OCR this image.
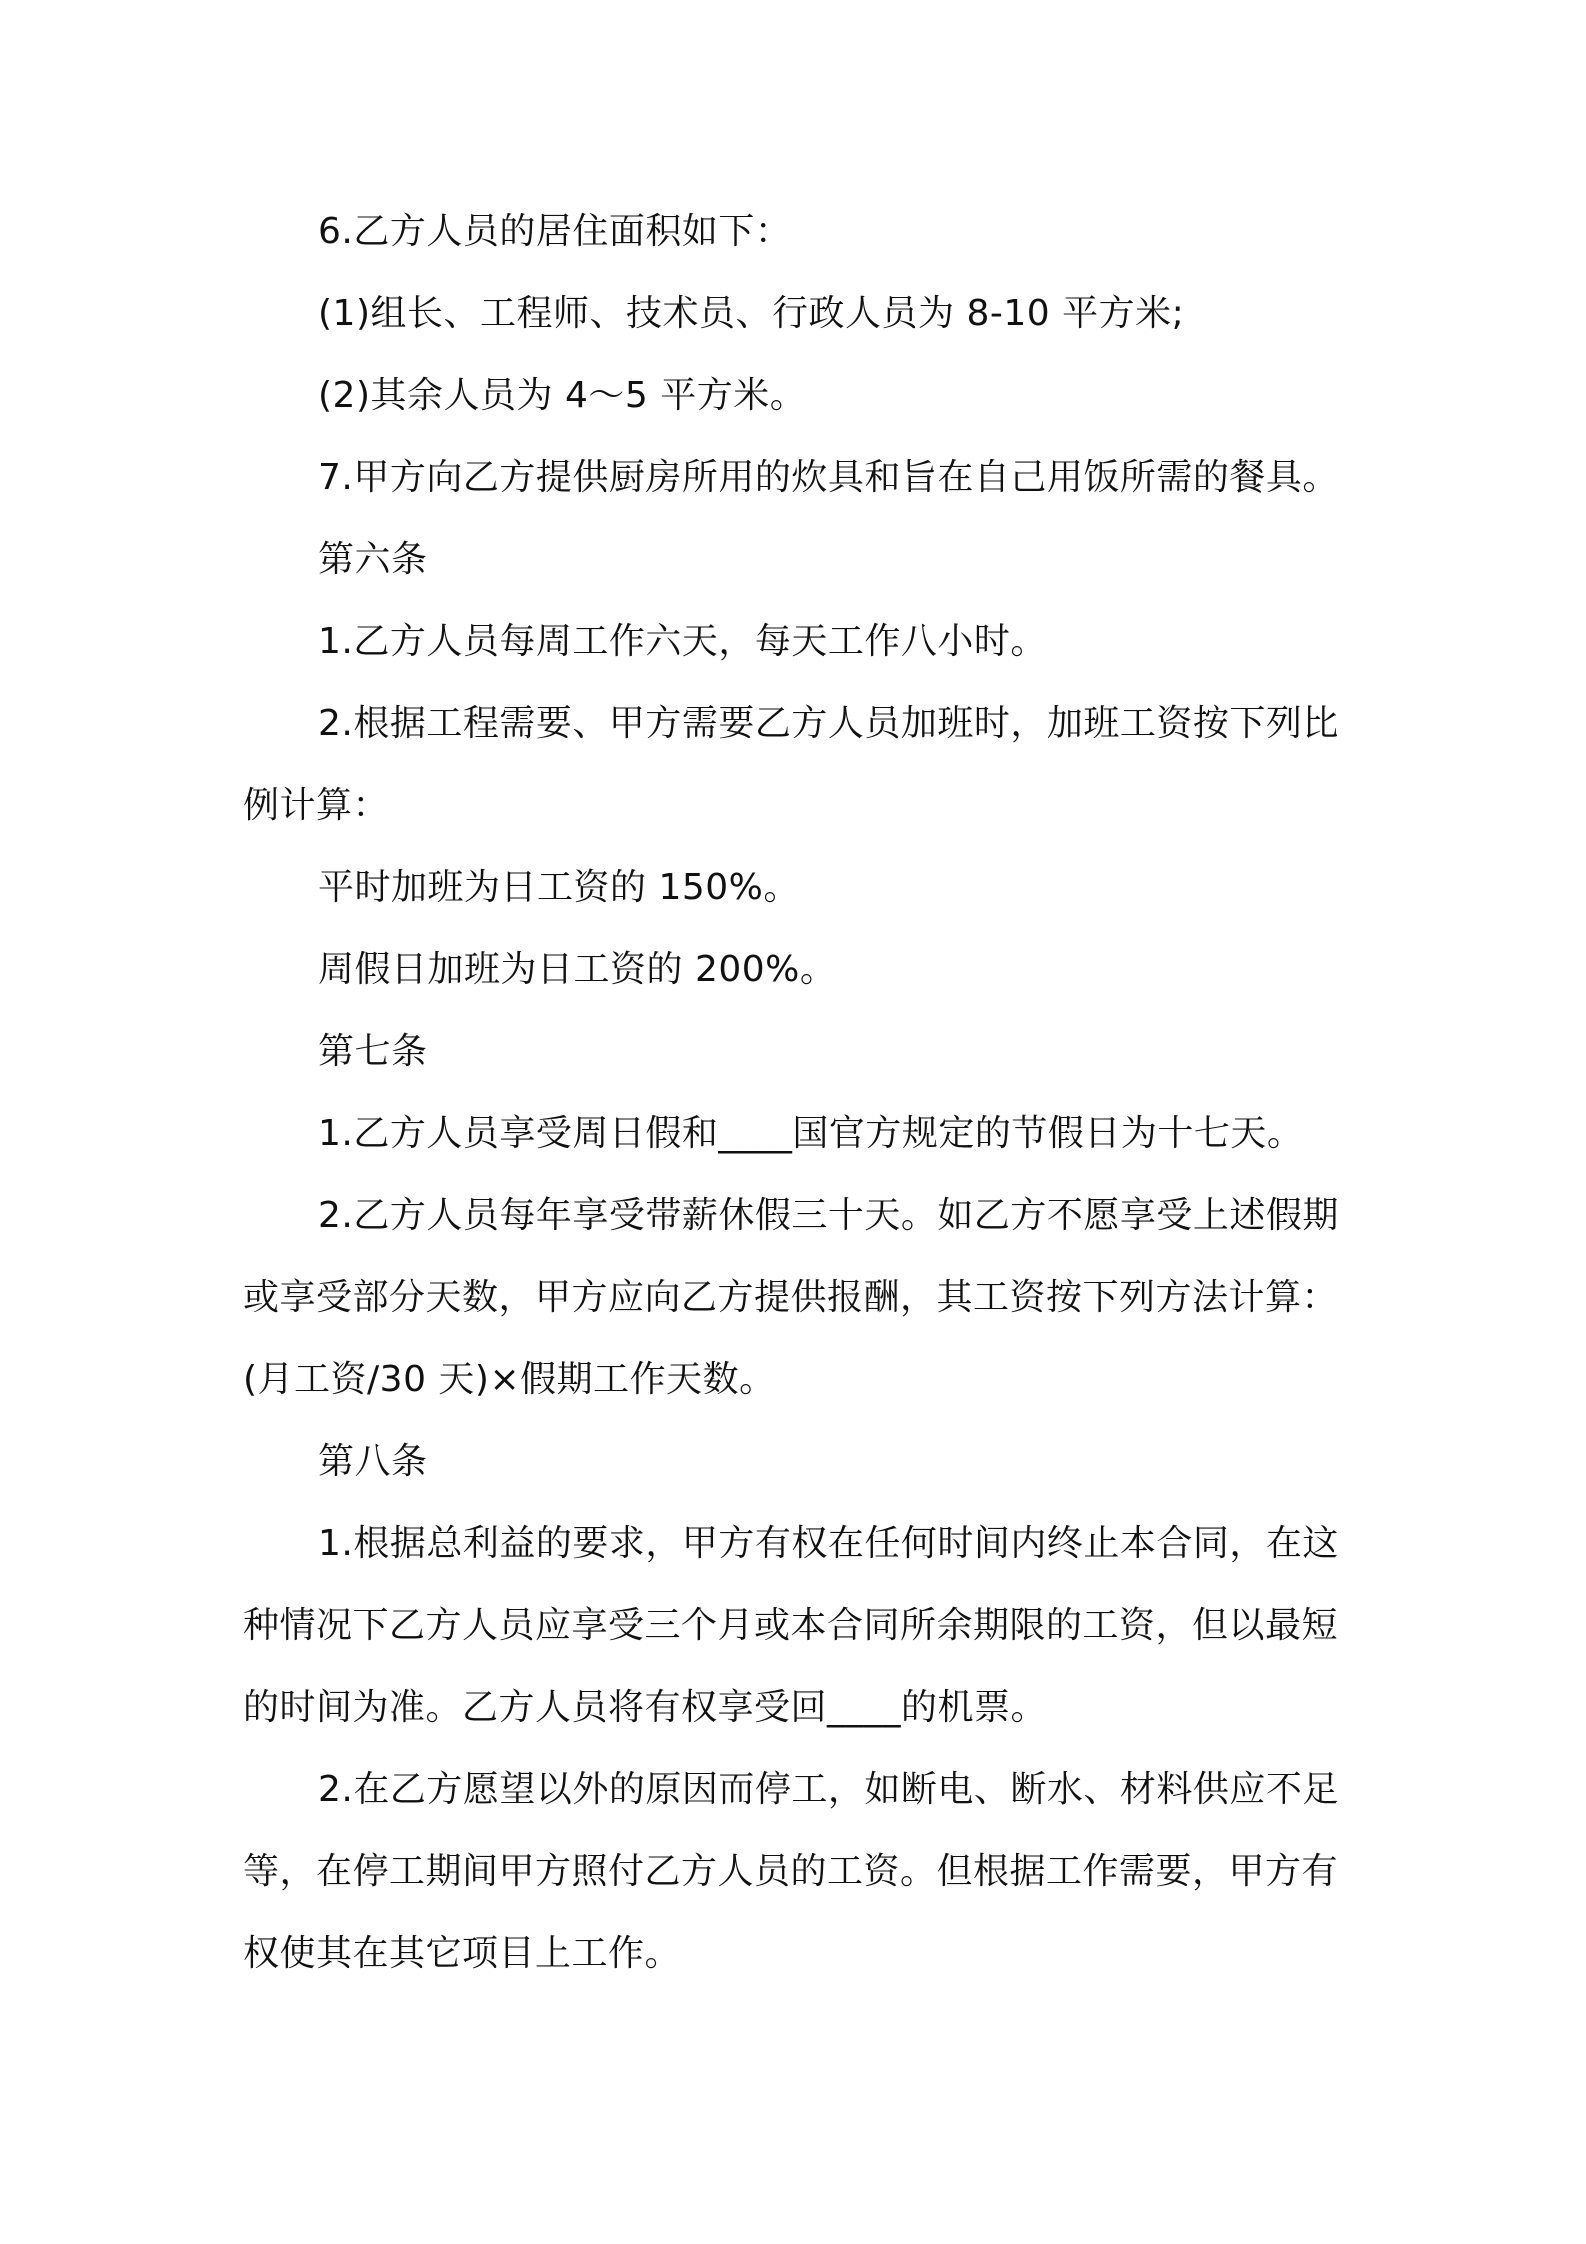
6.乙方人员的居住面积如下：

(1)组长、工程师、技术员、行政人员为 8-10 平方米;

(2)其余人员为 4～5 平方米。

7.甲方向乙方提供厨房所用的炊具和旨在自己用饭所需的餐具。

第六条

1.乙方人员每周工作六天，每天工作八小时。

2.根据工程需要、甲方需要乙方人员加班时，加班工资按下列比

例计算：

平时加班为日工资的 150%。

周假日加班为日工资的 200%。

第七条

1.乙方人员享受周日假和____国官方规定的节假日为十七天。

2.乙方人员每年享受带薪休假三十天。如乙方不愿享受上述假期

或享受部分天数，甲方应向乙方提供报酬，其工资按下列方法计算：

(月工资/30 天)×假期工作天数。

第八条

1.根据总利益的要求，甲方有权在任何时间内终止本合同，在这

种情况下乙方人员应享受三个月或本合同所余期限的工资，但以最短

的时间为准。乙方人员将有权享受回____的机票。

2.在乙方愿望以外的原因而停工，如断电、断水、材料供应不足

等，在停工期间甲方照付乙方人员的工资。但根据工作需要，甲方有

权使其在其它项目上工作。
